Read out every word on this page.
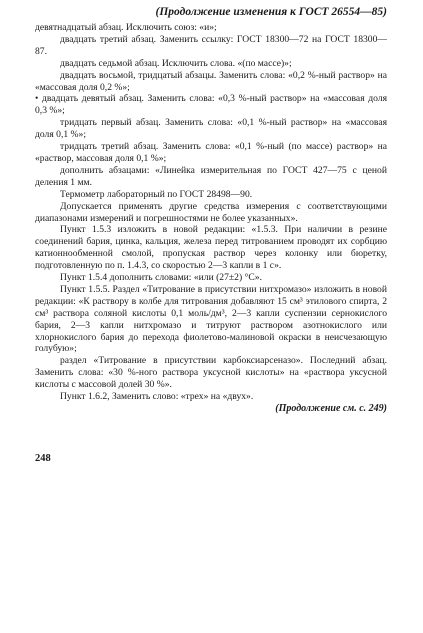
(Продолжение изменения к ГОСТ 26554—85)

девятнадцатый абзац. Исключить союз: «и»;

двадцать третий абзац. Заменить ссылку: ГОСТ 18300—72 на ГОСТ 18300—87.

двадцать седьмой абзац. Исключить слова. «(по массе)»;

двадцать восьмой, тридцатый абзацы. Заменить слова: «0,2 %-ный раствор» на «массовая доля 0,2 %»;

• двадцать девятый абзац. Заменить слова: «0,3 %-ный раствор» на «массовая доля 0,3 %»;

тридцать первый абзац. Заменить слова: «0,1 %-ный раствор» на «массовая доля 0,1 %»;

тридцать третий абзац. Заменить слова: «0,1 %-ный (по массе) раствор» на «раствор, массовая доля 0,1 %»;

дополнить абзацами: «Линейка измерительная по ГОСТ 427—75 с ценой деления 1 мм.

Термометр лабораторный по ГОСТ 28498—90.

Допускается применять другие средства измерения с соответствующими диапазонами измерений и погрешностями не более указанных».

Пункт 1.5.3 изложить в новой редакции: «1.5.3. При наличии в резине соединений бария, цинка, кальция, железа перед титрованием проводят их сорбцию катионнообменной смолой, пропуская раствор через колонку или бюретку, подготовленную по п. 1.4.3, со скоростью 2—3 капли в 1 с».

Пункт 1.5.4 дополнить словами: «или (27±2) °С».

Пункт 1.5.5. Раздел «Титрование в присутствии нитхромазо» изложить в новой редакции: «К раствору в колбе для титрования добавляют 15 см³ этилового спирта, 2 см³ раствора соляной кислоты 0,1 моль/дм³, 2—3 капли суспензии сернокислого бария, 2—3 капли нитхромазо и титруют раствором азотнокислого или хлорнокислого бария до перехода фиолетово-малиновой окраски в неисчезающую голубую»;

раздел «Титрование в присутствии карбоксиарсеназо». Последний абзац. Заменить слова: «30 %-ного раствора уксусной кислоты» на «раствора уксусной кислоты с массовой долей 30 %».

Пункт 1.6.2, Заменить слово: «трех» на «двух».

(Продолжение см. с. 249)

248
